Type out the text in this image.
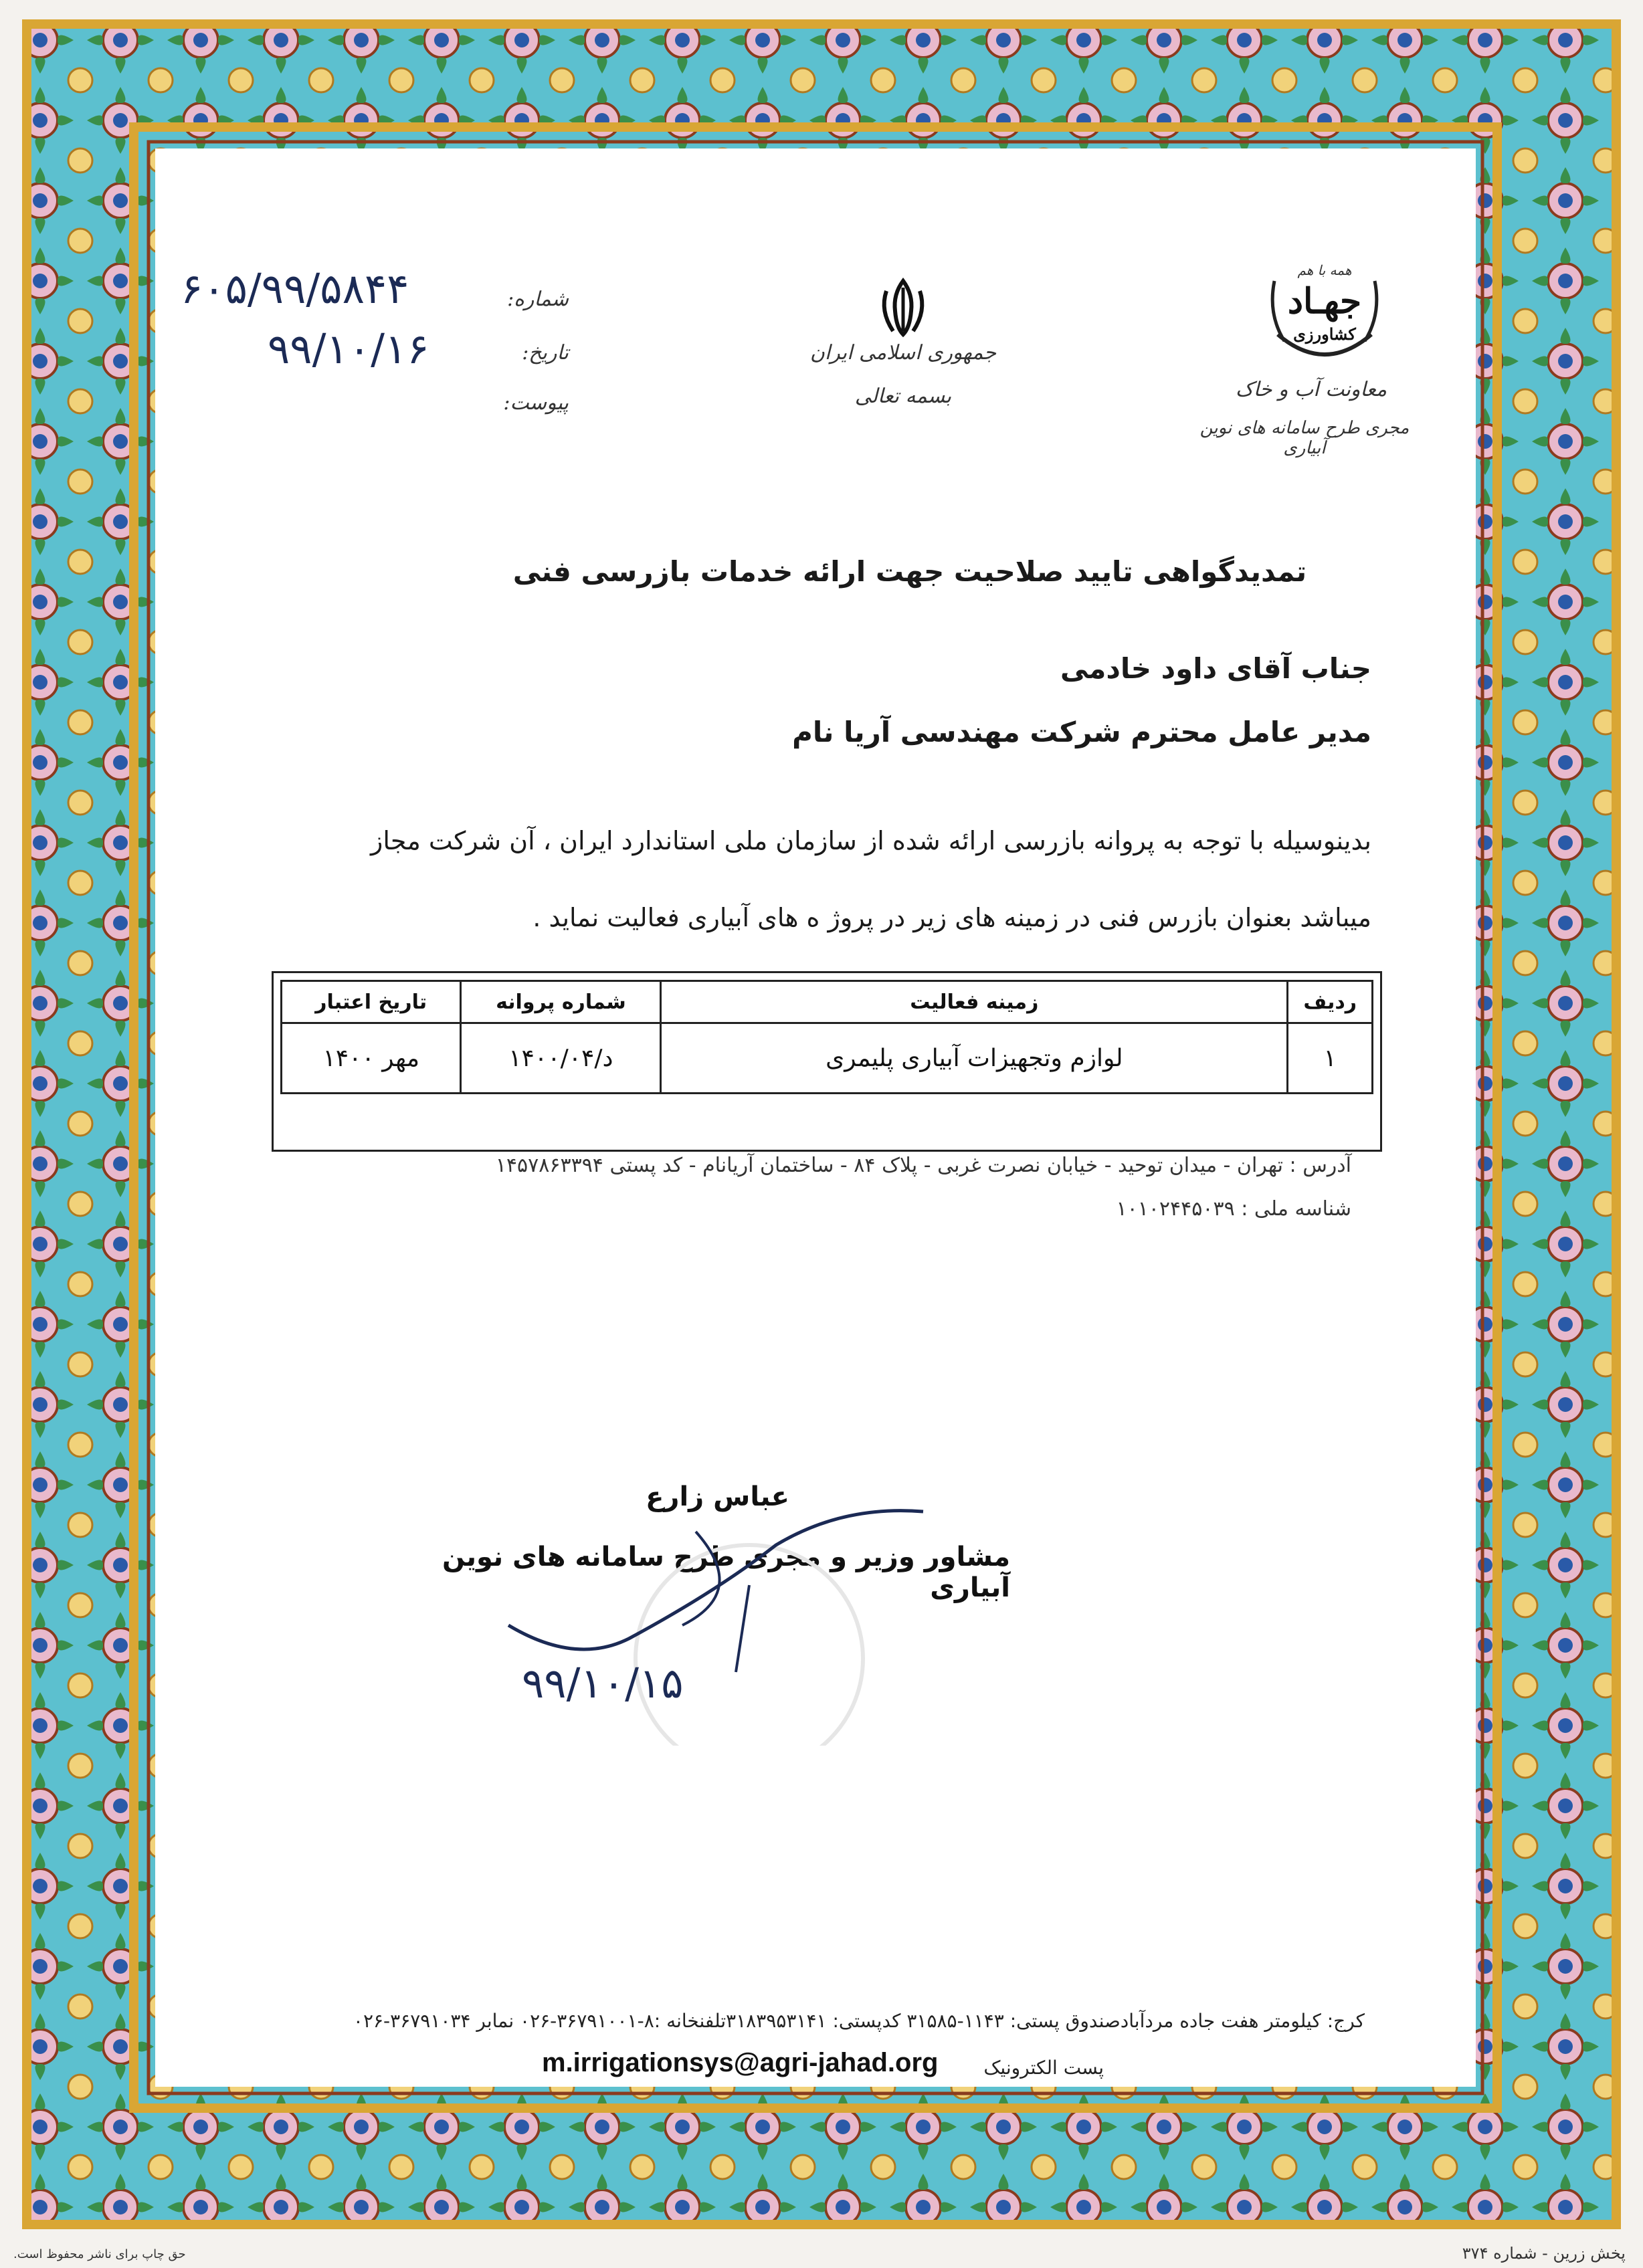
۶۰۵/۹۹/۵۸۴۴
۹۹/۱۰/۱۶
شماره:
تاریخ:
پیوست:
جمهوری اسلامی ایران
بسمه تعالی
همه با هم
جهـاد
کشاورزی
معاونت آب و خاک
مجری طرح سامانه های نوین آبیاری
تمدیدگواهی تایید صلاحیت جهت ارائه خدمات بازرسی فنی
جناب آقای داود خادمی
مدیر عامل محترم شرکت مهندسی آریا نام
بدینوسیله با توجه به پروانه بازرسی ارائه شده از سازمان ملی استاندارد ایران ، آن شرکت مجاز
میباشد بعنوان بازرس فنی در زمینه های زیر در پروژ ه های آبیاری فعالیت نماید .
ردیف	زمینه فعالیت	شماره پروانه	تاریخ اعتبار
۱	لوازم وتجهیزات آبیاری پلیمری	د/۱۴۰۰/۰۴	مهر ۱۴۰۰
آدرس : تهران - میدان توحید - خیابان نصرت غربی - پلاک ۸۴ - ساختمان آریانام - کد پستی ۱۴۵۷۸۶۳۳۹۴
شناسه ملی : ۱۰۱۰۲۴۴۵۰۳۹
عباس زارع
مشاور وزیر و مجری طرح سامانه های نوین آبیاری
۹۹/۱۰/۱۵
کرج: کیلومتر هفت جاده مردآبادصندوق پستی: ۱۱۴۳-۳۱۵۸۵ کدپستی: ۳۱۸۳۹۵۳۱۴۱تلفنخانه :۸-۳۶۷۹۱۰۰۱-۰۲۶ نمابر ۳۶۷۹۱۰۳۴-۰۲۶
پست الکترونیک
m.irrigationsys@agri-jahad.org
پخش زرین - شماره ۳۷۴
حق چاپ برای ناشر محفوظ است.
